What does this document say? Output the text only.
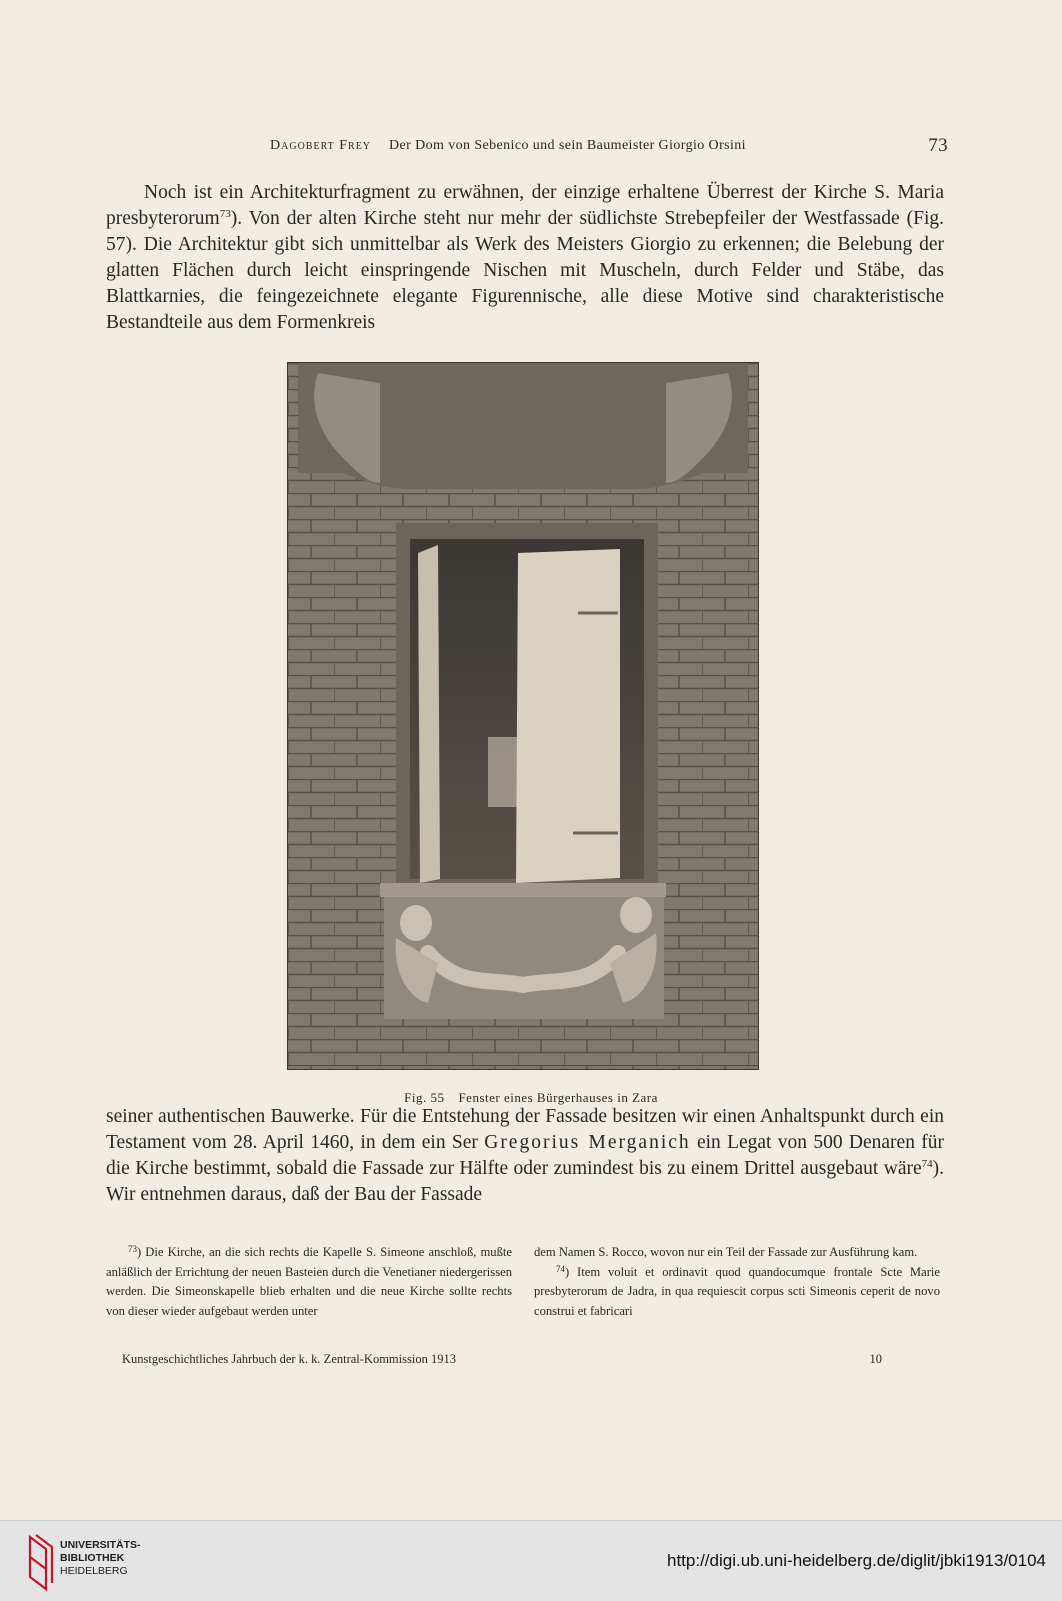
Dagobert Frey Der Dom von Sebenico und sein Baumeister Giorgio Orsini	73
Noch ist ein Architekturfragment zu erwähnen, der einzige erhaltene Überrest der Kirche S. Maria presbyterorum$^{73}$). Von der alten Kirche steht nur mehr der südlichste Strebepfeiler der Westfassade (Fig. 57). Die Architektur gibt sich unmittelbar als Werk des Meisters Giorgio zu erkennen; die Belebung der glatten Flächen durch leicht einspringende Nischen mit Muscheln, durch Felder und Stäbe, das Blattkarnies, die feingezeichnete elegante Figurennische, alle diese Motive sind charakteristische Bestandteile aus dem Formenkreis
Fig. 55 Fenster eines Bürgerhauses in Zara
seiner authentischen Bauwerke. Für die Entstehung der Fassade besitzen wir einen Anhaltspunkt durch ein Testament vom 28. April 1460, in dem ein Ser Gregorius Merganich ein Legat von 500 Denaren für die Kirche bestimmt, sobald die Fassade zur Hälfte oder zumindest bis zu einem Drittel ausgebaut wäre$^{74}$). Wir entnehmen daraus, daß der Bau der Fassade

$^{73}$) Die Kirche, an die sich rechts die Kapelle S. Simeone anschloß, mußte anläßlich der Errichtung der neuen Basteien durch die Venetianer niedergerissen werden. Die Simeonskapelle blieb erhalten und die neue Kirche sollte rechts von dieser wieder aufgebaut werden unter

dem Namen S. Rocco, wovon nur ein Teil der Fassade zur Ausführung kam.

$^{74}$) Item voluit et ordinavit quod quandocumque frontale Scte Marie presbyterorum de Jadra, in qua requiescit corpus scti Simeonis ceperit de novo construi et fabricari

Kunstgeschichtliches Jahrbuch der k. k. Zentral-Kommission 1913	10
UNIVERSITÄTS-
BIBLIOTHEK
HEIDELBERG
http://digi.ub.uni-heidelberg.de/diglit/jbki1913/0104
